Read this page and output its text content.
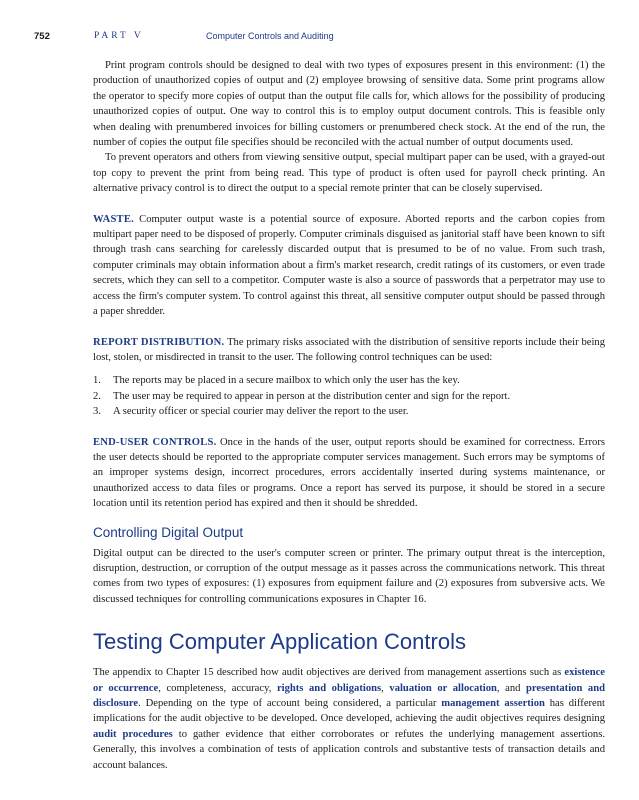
752	PART V	Computer Controls and Auditing

Print program controls should be designed to deal with two types of exposures present in this environment: (1) the production of unauthorized copies of output and (2) employee browsing of sensitive data. Some print programs allow the operator to specify more copies of output than the output file calls for, which allows for the possibility of producing unauthorized copies of output. One way to control this is to employ output document controls. This is feasible only when dealing with prenumbered invoices for billing customers or prenumbered check stock. At the end of the run, the number of copies the output file specifies should be reconciled with the actual number of output documents used.

To prevent operators and others from viewing sensitive output, special multipart paper can be used, with a grayed-out top copy to prevent the print from being read. This type of product is often used for payroll check printing. An alternative privacy control is to direct the output to a special remote printer that can be closely supervised.

WASTE. Computer output waste is a potential source of exposure. Aborted reports and the carbon copies from multipart paper need to be disposed of properly. Computer criminals disguised as janitorial staff have been known to sift through trash cans searching for carelessly discarded output that is presumed to be of no value. From such trash, computer criminals may obtain information about a firm's market research, credit ratings of its customers, or even trade secrets, which they can sell to a competitor. Computer waste is also a source of passwords that a perpetrator may use to access the firm's computer system. To control against this threat, all sensitive computer output should be passed through a paper shredder.

REPORT DISTRIBUTION. The primary risks associated with the distribution of sensitive reports include their being lost, stolen, or misdirected in transit to the user. The following control techniques can be used:

1. The reports may be placed in a secure mailbox to which only the user has the key.
2. The user may be required to appear in person at the distribution center and sign for the report.
3. A security officer or special courier may deliver the report to the user.

END-USER CONTROLS. Once in the hands of the user, output reports should be examined for correctness. Errors the user detects should be reported to the appropriate computer services management. Such errors may be symptoms of an improper systems design, incorrect procedures, errors accidentally inserted during systems maintenance, or unauthorized access to data files or programs. Once a report has served its purpose, it should be stored in a secure location until its retention period has expired and then it should be shredded.

Controlling Digital Output

Digital output can be directed to the user's computer screen or printer. The primary output threat is the interception, disruption, destruction, or corruption of the output message as it passes across the communications network. This threat comes from two types of exposures: (1) exposures from equipment failure and (2) exposures from subversive acts. We discussed techniques for controlling communications exposures in Chapter 16.

Testing Computer Application Controls

The appendix to Chapter 15 described how audit objectives are derived from management assertions such as existence or occurrence, completeness, accuracy, rights and obligations, valuation or allocation, and presentation and disclosure. Depending on the type of account being considered, a particular management assertion has different implications for the audit objective to be developed. Once developed, achieving the audit objectives requires designing audit procedures to gather evidence that either corroborates or refutes the underlying management assertions. Generally, this involves a combination of tests of application controls and substantive tests of transaction details and account balances.
